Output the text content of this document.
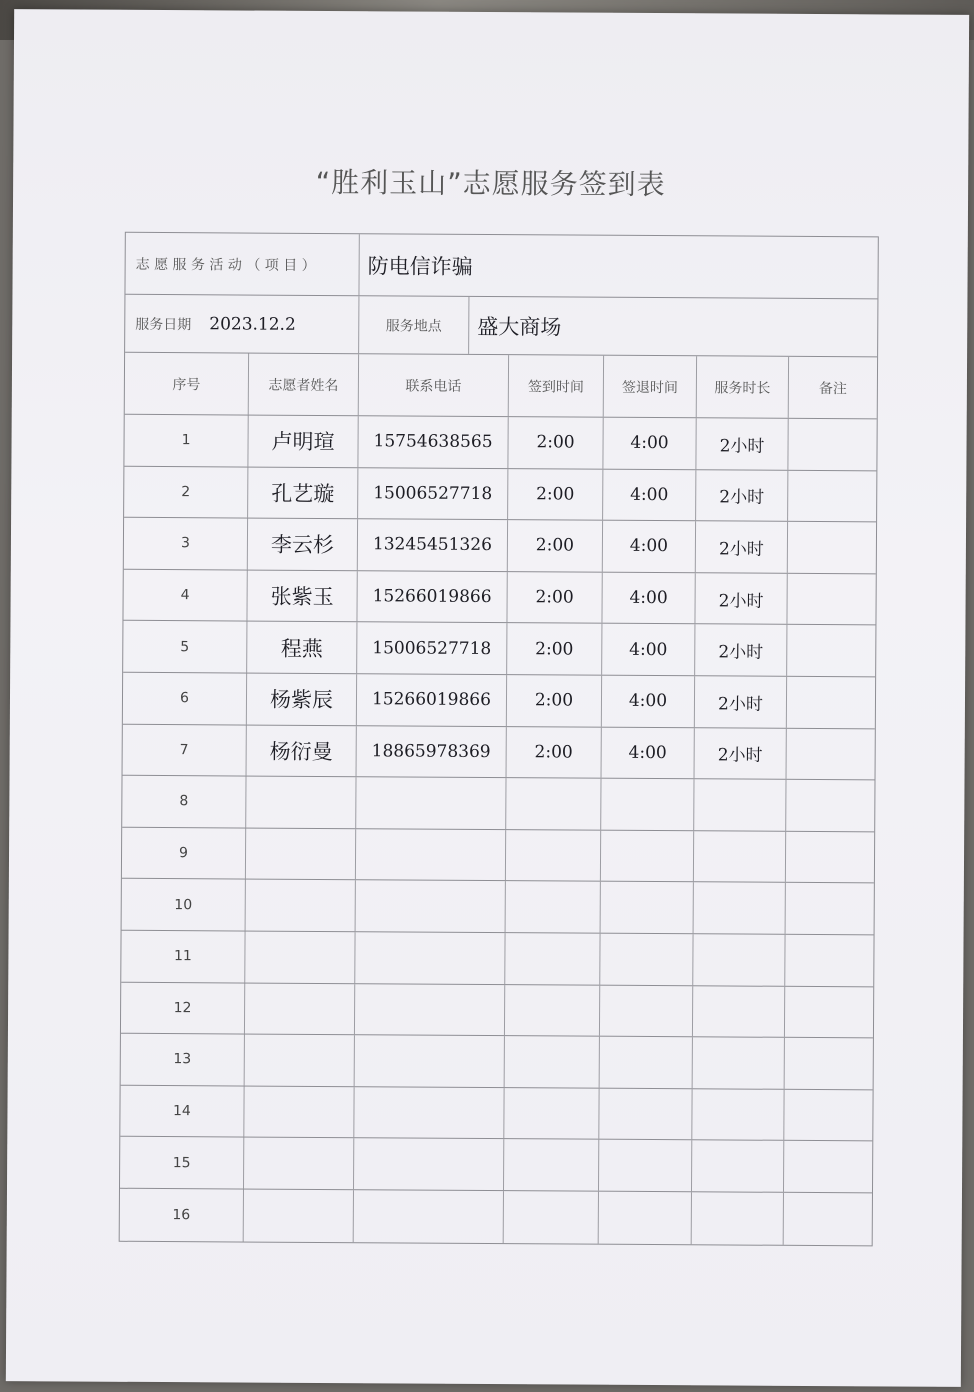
“胜利玉山”志愿服务签到表
志 愿 服 务 活 动 （ 项 目 ）	防电信诈骗
服务日期 2023.12.2	服务地点	盛大商场
序号	志愿者姓名	联系电话	签到时间	签退时间	服务时长	备注
1	卢明瑄	15754638565	2:00	4:00	2小时
2	孔艺璇	15006527718	2:00	4:00	2小时
3	李云杉	13245451326	2:00	4:00	2小时
4	张紫玉	15266019866	2:00	4:00	2小时
5	程燕	15006527718	2:00	4:00	2小时
6	杨紫辰	15266019866	2:00	4:00	2小时
7	杨衍曼	18865978369	2:00	4:00	2小时
8
9
10
11
12
13
14
15
16
